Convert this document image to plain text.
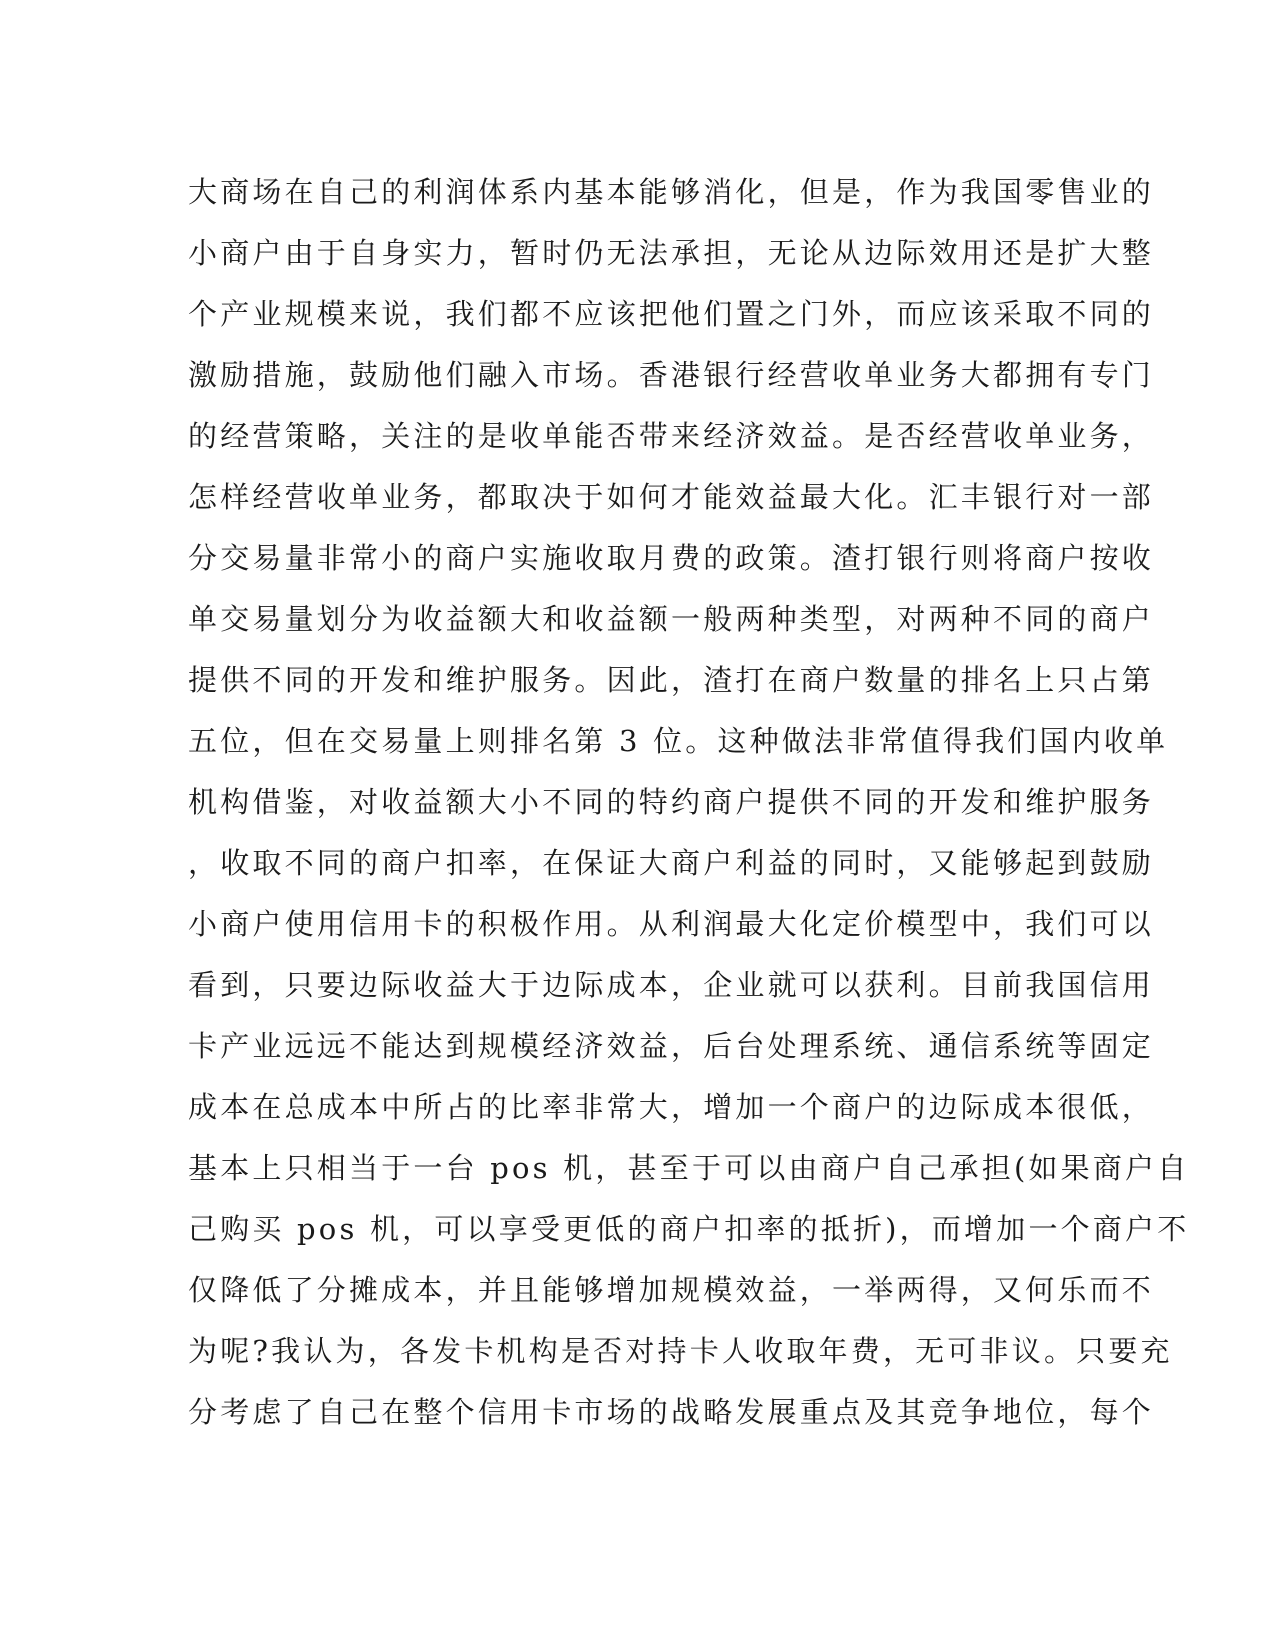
大商场在自己的利润体系内基本能够消化，但是，作为我国零售业的
小商户由于自身实力，暂时仍无法承担，无论从边际效用还是扩大整
个产业规模来说，我们都不应该把他们置之门外，而应该采取不同的
激励措施，鼓励他们融入市场。香港银行经营收单业务大都拥有专门
的经营策略，关注的是收单能否带来经济效益。是否经营收单业务，
怎样经营收单业务，都取决于如何才能效益最大化。汇丰银行对一部
分交易量非常小的商户实施收取月费的政策。渣打银行则将商户按收
单交易量划分为收益额大和收益额一般两种类型，对两种不同的商户
提供不同的开发和维护服务。因此，渣打在商户数量的排名上只占第
五位，但在交易量上则排名第 3 位。这种做法非常值得我们国内收单
机构借鉴，对收益额大小不同的特约商户提供不同的开发和维护服务
，收取不同的商户扣率，在保证大商户利益的同时，又能够起到鼓励
小商户使用信用卡的积极作用。从利润最大化定价模型中，我们可以
看到，只要边际收益大于边际成本，企业就可以获利。目前我国信用
卡产业远远不能达到规模经济效益，后台处理系统、通信系统等固定
成本在总成本中所占的比率非常大，增加一个商户的边际成本很低，
基本上只相当于一台 pos 机，甚至于可以由商户自己承担(如果商户自
己购买 pos 机，可以享受更低的商户扣率的抵折)，而增加一个商户不
仅降低了分摊成本，并且能够增加规模效益，一举两得，又何乐而不
为呢?我认为，各发卡机构是否对持卡人收取年费，无可非议。只要充
分考虑了自己在整个信用卡市场的战略发展重点及其竞争地位，每个
